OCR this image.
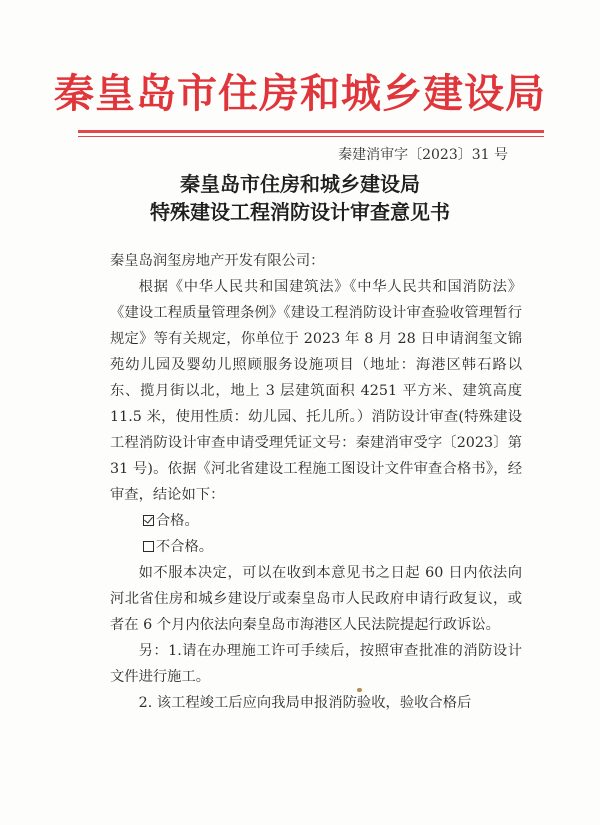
秦皇岛市住房和城乡建设局
秦建消审字〔2023〕31 号
秦皇岛市住房和城乡建设局
特殊建设工程消防设计审查意见书

秦皇岛润玺房地产开发有限公司：

根据《中华人民共和国建筑法》《中华人民共和国消防法》《建设工程质量管理条例》《建设工程消防设计审查验收管理暂行规定》等有关规定，你单位于 2023 年 8 月 28 日申请润玺文锦苑幼儿园及婴幼儿照顾服务设施项目（地址：海港区韩石路以东、揽月街以北，地上 3 层建筑面积 4251 平方米、建筑高度 11.5 米，使用性质：幼儿园、托儿所。）消防设计审查(特殊建设工程消防设计审查申请受理凭证文号：秦建消审受字〔2023〕第 31 号)。依据《河北省建设工程施工图设计文件审查合格书》，经审查，结论如下：

合格。

不合格。

如不服本决定，可以在收到本意见书之日起 60 日内依法向河北省住房和城乡建设厅或秦皇岛市人民政府申请行政复议，或者在 6 个月内依法向秦皇岛市海港区人民法院提起行政诉讼。

另：1.请在办理施工许可手续后，按照审查批准的消防设计文件进行施工。

2. 该工程竣工后应向我局申报消防验收，验收合格后
